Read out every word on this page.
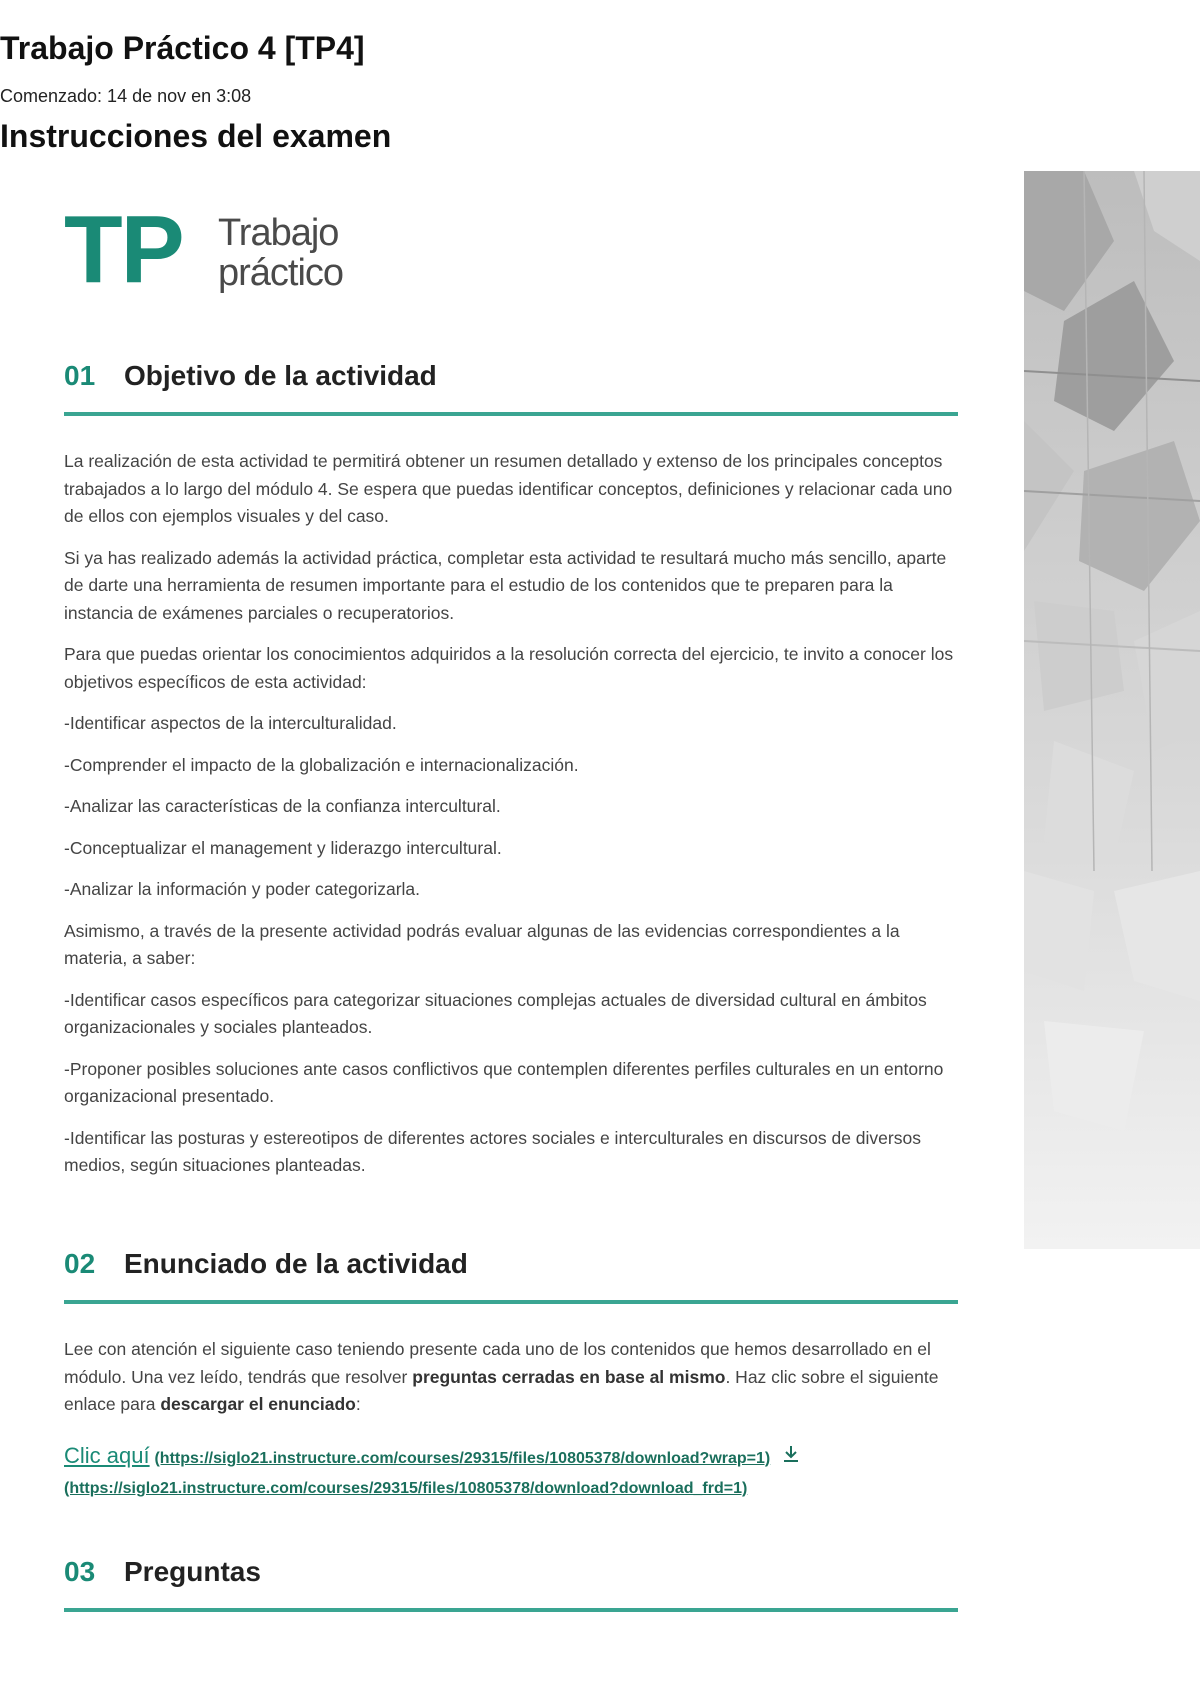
Trabajo Práctico 4 [TP4]
Comenzado: 14 de nov en 3:08
Instrucciones del examen
TP Trabajo
práctico
01	Objetivo de la actividad

La realización de esta actividad te permitirá obtener un resumen detallado y extenso de los principales conceptos trabajados a lo largo del módulo 4. Se espera que puedas identificar conceptos, definiciones y relacionar cada uno de ellos con ejemplos visuales y del caso.

Si ya has realizado además la actividad práctica, completar esta actividad te resultará mucho más sencillo, aparte de darte una herramienta de resumen importante para el estudio de los contenidos que te preparen para la instancia de exámenes parciales o recuperatorios.

Para que puedas orientar los conocimientos adquiridos a la resolución correcta del ejercicio, te invito a conocer los objetivos específicos de esta actividad:

-Identificar aspectos de la interculturalidad.

-Comprender el impacto de la globalización e internacionalización.

-Analizar las características de la confianza intercultural.

-Conceptualizar el management y liderazgo intercultural.

-Analizar la información y poder categorizarla.

Asimismo, a través de la presente actividad podrás evaluar algunas de las evidencias correspondientes a la materia, a saber:

-Identificar casos específicos para categorizar situaciones complejas actuales de diversidad cultural en ámbitos organizacionales y sociales planteados.

-Proponer posibles soluciones ante casos conflictivos que contemplen diferentes perfiles culturales en un entorno organizacional presentado.

-Identificar las posturas y estereotipos de diferentes actores sociales e interculturales en discursos de diversos medios, según situaciones planteadas.

02	Enunciado de la actividad

Lee con atención el siguiente caso teniendo presente cada uno de los contenidos que hemos desarrollado en el módulo. Una vez leído, tendrás que resolver preguntas cerradas en base al mismo. Haz clic sobre el siguiente enlace para descargar el enunciado:

Clic aquí (https://siglo21.instructure.com/courses/29315/files/10805378/download?wrap=1)
(https://siglo21.instructure.com/courses/29315/files/10805378/download?download_frd=1)
03	Preguntas
